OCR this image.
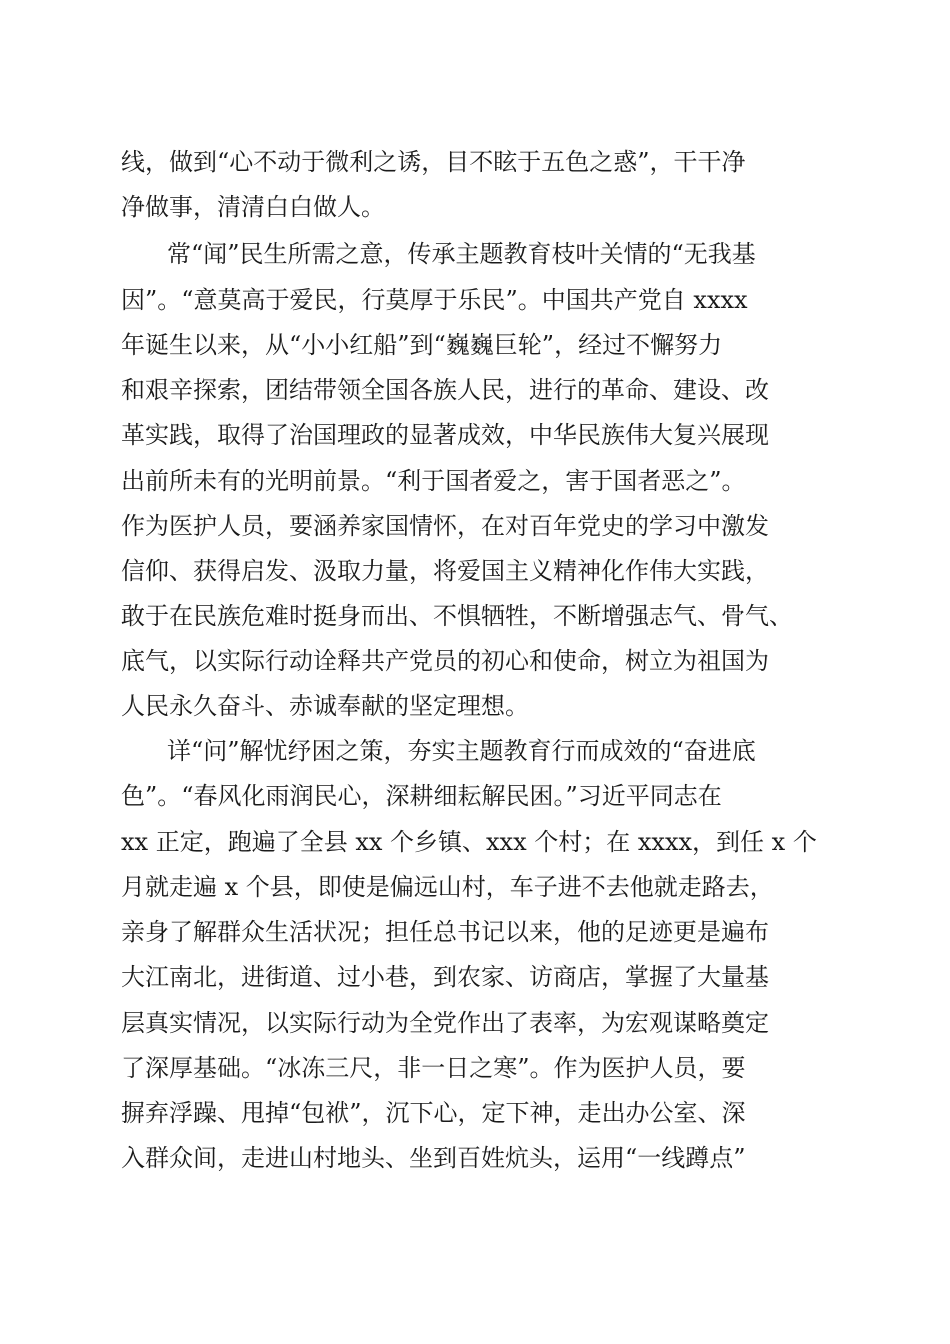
线，做到“心不动于微利之诱，目不眩于五色之惑”，干干净
净做事，清清白白做人。
常“闻”民生所需之意，传承主题教育枝叶关情的“无我基
因”。“意莫高于爱民，行莫厚于乐民”。中国共产党自 xxxx
年诞生以来，从“小小红船”到“巍巍巨轮”，经过不懈努力
和艰辛探索，团结带领全国各族人民，进行的革命、建设、改
革实践，取得了治国理政的显著成效，中华民族伟大复兴展现
出前所未有的光明前景。“利于国者爱之，害于国者恶之”。
作为医护人员，要涵养家国情怀，在对百年党史的学习中激发
信仰、获得启发、汲取力量，将爱国主义精神化作伟大实践，
敢于在民族危难时挺身而出、不惧牺牲，不断增强志气、骨气、
底气，以实际行动诠释共产党员的初心和使命，树立为祖国为
人民永久奋斗、赤诚奉献的坚定理想。
详“问”解忧纾困之策，夯实主题教育行而成效的“奋进底
色”。“春风化雨润民心，深耕细耘解民困。”习近平同志在
xx 正定，跑遍了全县 xx 个乡镇、xxx 个村；在 xxxx，到任 x 个
月就走遍 x 个县，即使是偏远山村，车子进不去他就走路去，
亲身了解群众生活状况；担任总书记以来，他的足迹更是遍布
大江南北，进街道、过小巷，到农家、访商店，掌握了大量基
层真实情况，以实际行动为全党作出了表率，为宏观谋略奠定
了深厚基础。“冰冻三尺，非一日之寒”。作为医护人员，要
摒弃浮躁、甩掉“包袱”，沉下心，定下神，走出办公室、深
入群众间，走进山村地头、坐到百姓炕头，运用“一线蹲点”
